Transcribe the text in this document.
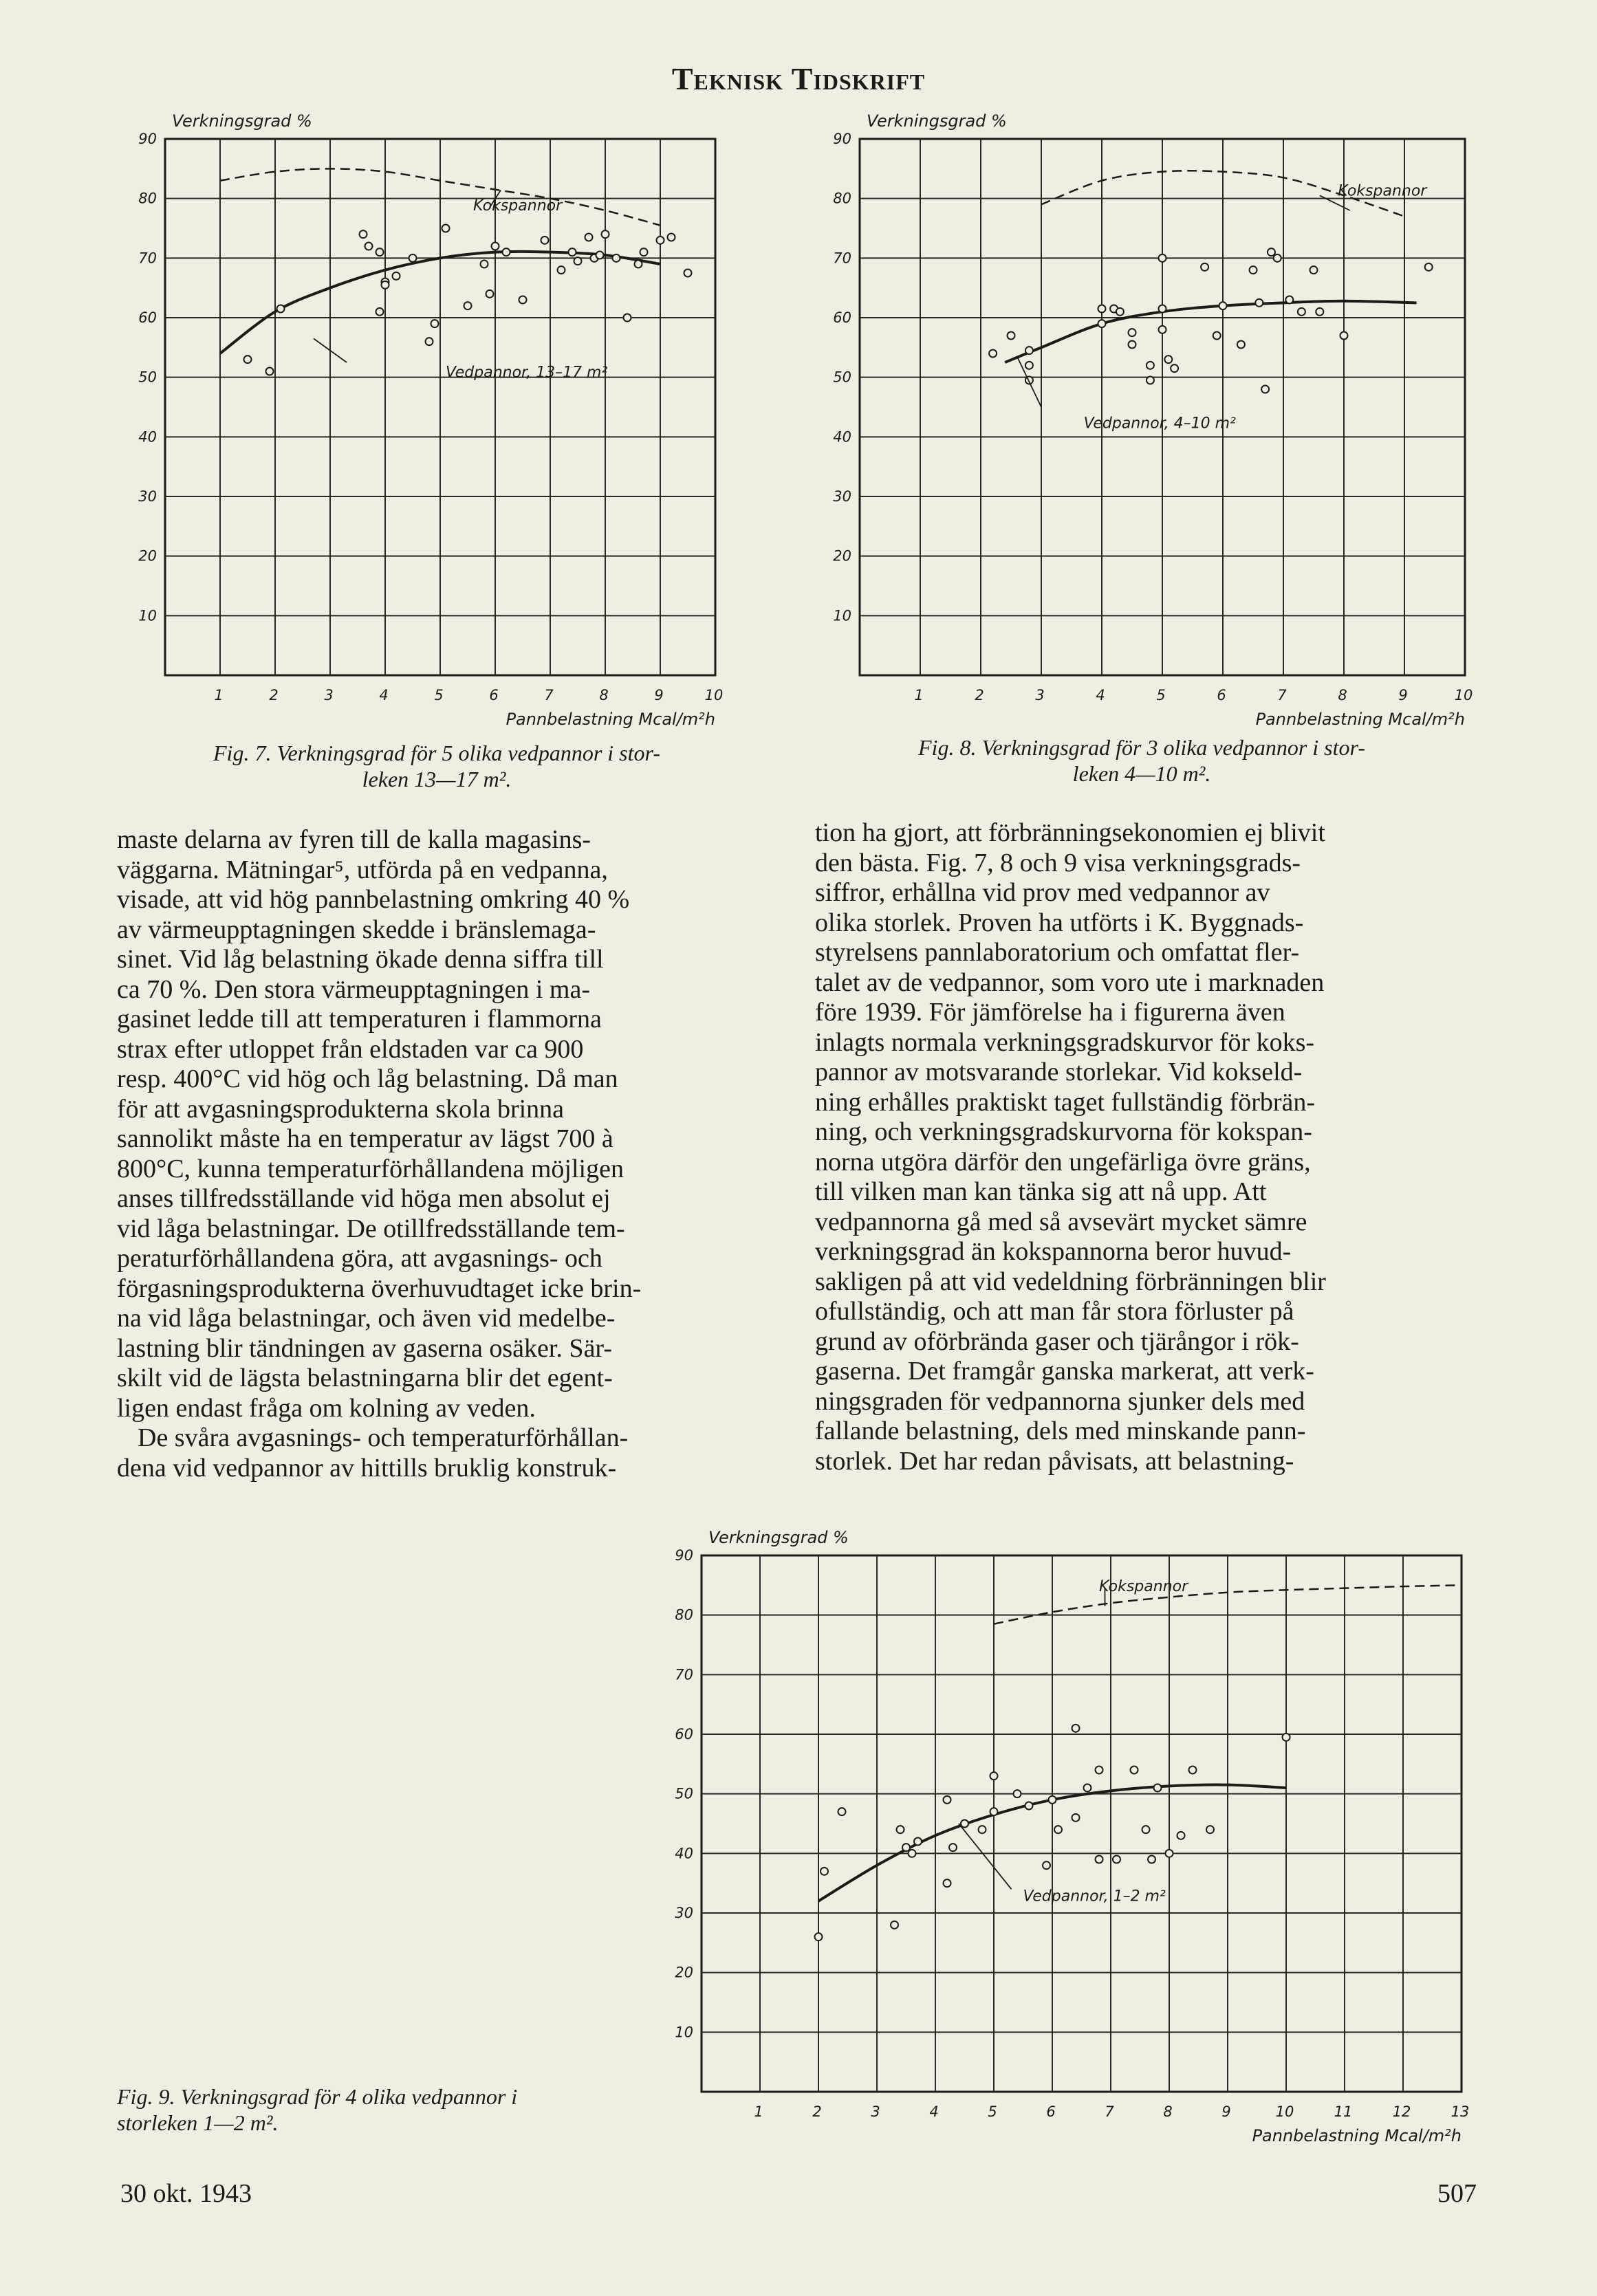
Teknisk Tidskrift
90
80
70
60
50
40
30
20
10
1	2	3	4	5	6	7	8	9	10
Verkningsgrad %
Pannbelastning Mcal/m²h
Kokspannor
Vedpannor, 13–17 m²
Fig. 7. Verkningsgrad för 5 olika vedpannor i stor-
leken 13—17 m².
90
80
70
60
50
40
30
20
10
1	2	3	4	5	6	7	8	9	10
Verkningsgrad %
Pannbelastning Mcal/m²h
Kokspannor
Vedpannor, 4–10 m²
Fig. 8. Verkningsgrad för 3 olika vedpannor i stor-
leken 4—10 m².

maste delarna av fyren till de kalla magasins-

väggarna. Mätningar⁵, utförda på en vedpanna,

visade, att vid hög pannbelastning omkring 40 %

av värmeupptagningen skedde i bränslemaga-

sinet. Vid låg belastning ökade denna siffra till

ca 70 %. Den stora värmeupptagningen i ma-

gasinet ledde till att temperaturen i flammorna

strax efter utloppet från eldstaden var ca 900

resp. 400°C vid hög och låg belastning. Då man

för att avgasningsprodukterna skola brinna

sannolikt måste ha en temperatur av lägst 700 à

800°C, kunna temperaturförhållandena möjligen

anses tillfredsställande vid höga men absolut ej

vid låga belastningar. De otillfredsställande tem-

peraturförhållandena göra, att avgasnings- och

förgasningsprodukterna överhuvudtaget icke brin-

na vid låga belastningar, och även vid medelbe-

lastning blir tändningen av gaserna osäker. Sär-

skilt vid de lägsta belastningarna blir det egent-

ligen endast fråga om kolning av veden.

De svåra avgasnings- och temperaturförhållan-

dena vid vedpannor av hittills bruklig konstruk-

tion ha gjort, att förbränningsekonomien ej blivit

den bästa. Fig. 7, 8 och 9 visa verkningsgrads-

siffror, erhållna vid prov med vedpannor av

olika storlek. Proven ha utförts i K. Byggnads-

styrelsens pannlaboratorium och omfattat fler-

talet av de vedpannor, som voro ute i marknaden

före 1939. För jämförelse ha i figurerna även

inlagts normala verkningsgradskurvor för koks-

pannor av motsvarande storlekar. Vid kokseld-

ning erhålles praktiskt taget fullständig förbrän-

ning, och verkningsgradskurvorna för kokspan-

norna utgöra därför den ungefärliga övre gräns,

till vilken man kan tänka sig att nå upp. Att

vedpannorna gå med så avsevärt mycket sämre

verkningsgrad än kokspannorna beror huvud-

sakligen på att vid vedeldning förbränningen blir

ofullständig, och att man får stora förluster på

grund av oförbrända gaser och tjärångor i rök-

gaserna. Det framgår ganska markerat, att verk-

ningsgraden för vedpannorna sjunker dels med

fallande belastning, dels med minskande pann-

storlek. Det har redan påvisats, att belastning-

90
80
70
60
50
40
30
20
10
1	2	3	4	5	6	7	8	9	10	11	12	13
Verkningsgrad %
Pannbelastning Mcal/m²h
Kokspannor
Vedpannor, 1–2 m²
Fig. 9. Verkningsgrad för 4 olika vedpannor i
storleken 1—2 m².
30 okt. 1943	507
